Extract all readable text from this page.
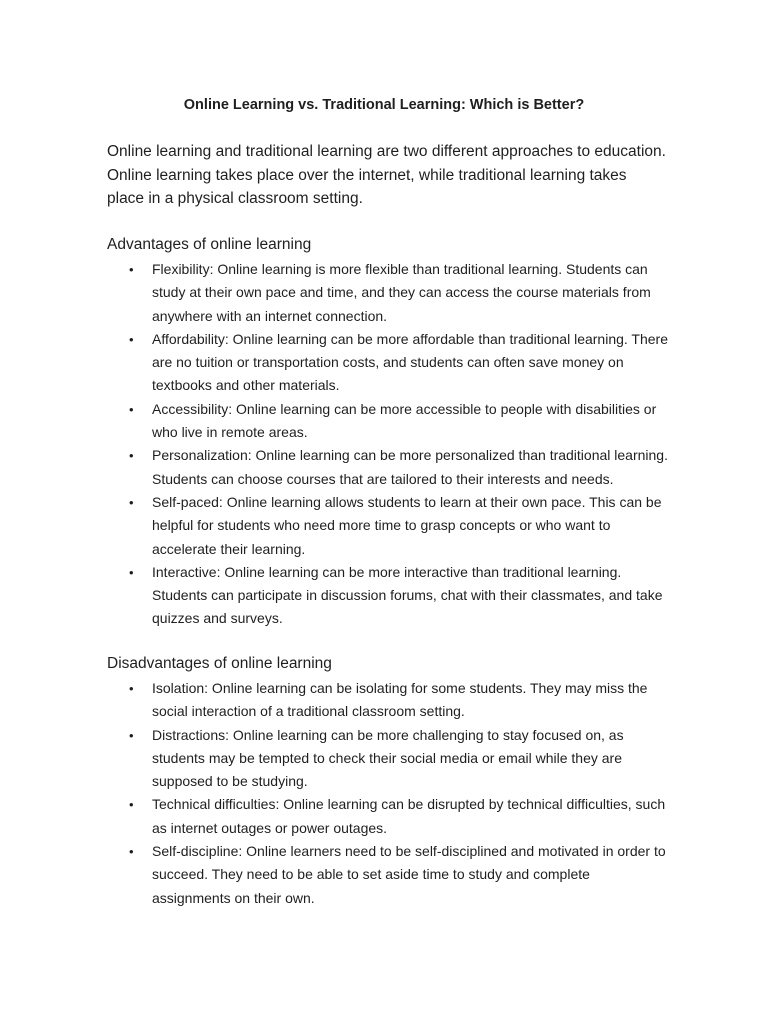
Online Learning vs. Traditional Learning: Which is Better?

Online learning and traditional learning are two different approaches to education. Online learning takes place over the internet, while traditional learning takes place in a physical classroom setting.

Advantages of online learning
• Flexibility: Online learning is more flexible than traditional learning. Students can study at their own pace and time, and they can access the course materials from anywhere with an internet connection.
• Affordability: Online learning can be more affordable than traditional learning. There are no tuition or transportation costs, and students can often save money on textbooks and other materials.
• Accessibility: Online learning can be more accessible to people with disabilities or who live in remote areas.
• Personalization: Online learning can be more personalized than traditional learning. Students can choose courses that are tailored to their interests and needs.
• Self-paced: Online learning allows students to learn at their own pace. This can be helpful for students who need more time to grasp concepts or who want to accelerate their learning.
• Interactive: Online learning can be more interactive than traditional learning. Students can participate in discussion forums, chat with their classmates, and take quizzes and surveys.
Disadvantages of online learning
• Isolation: Online learning can be isolating for some students. They may miss the social interaction of a traditional classroom setting.
• Distractions: Online learning can be more challenging to stay focused on, as students may be tempted to check their social media or email while they are supposed to be studying.
• Technical difficulties: Online learning can be disrupted by technical difficulties, such as internet outages or power outages.
• Self-discipline: Online learners need to be self-disciplined and motivated in order to succeed. They need to be able to set aside time to study and complete assignments on their own.
